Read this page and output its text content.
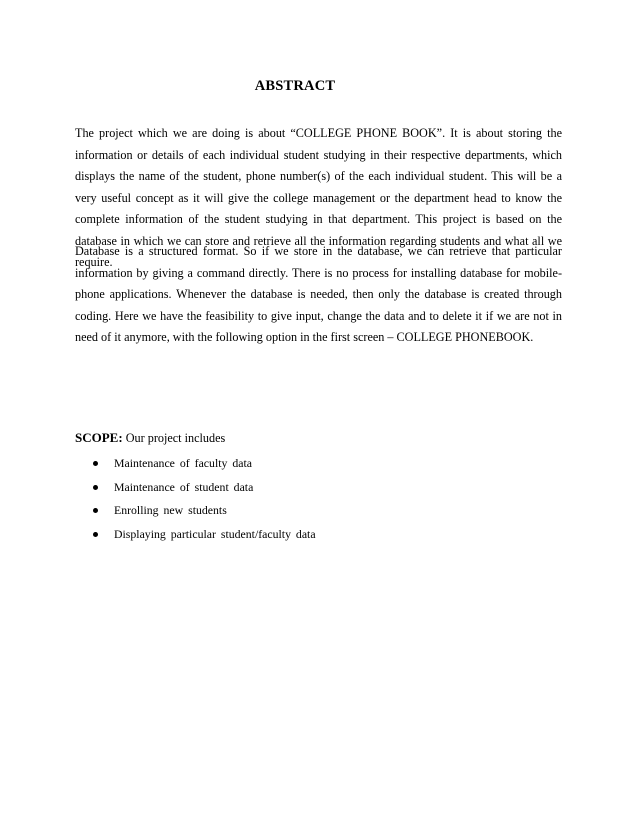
ABSTRACT

The project which we are doing is about “COLLEGE PHONE BOOK”. It is about storing the information or details of each individual student studying in their respective departments, which displays the name of the student, phone number(s) of the each individual student. This will be a very useful concept as it will give the college management or the department head to know the complete information of the student studying in that department. This project is based on the database in which we can store and retrieve all the information regarding students and what all we require.

Database is a structured format. So if we store in the database, we can retrieve that particular information by giving a command directly. There is no process for installing database for mobile-phone applications. Whenever the database is needed, then only the database is created through coding. Here we have the feasibility to give input, change the data and to delete it if we are not in need of it anymore, with the following option in the first screen – COLLEGE PHONEBOOK.

SCOPE: Our project includes

Maintenance of faculty data
Maintenance of student data
Enrolling new students
Displaying particular student/faculty data
